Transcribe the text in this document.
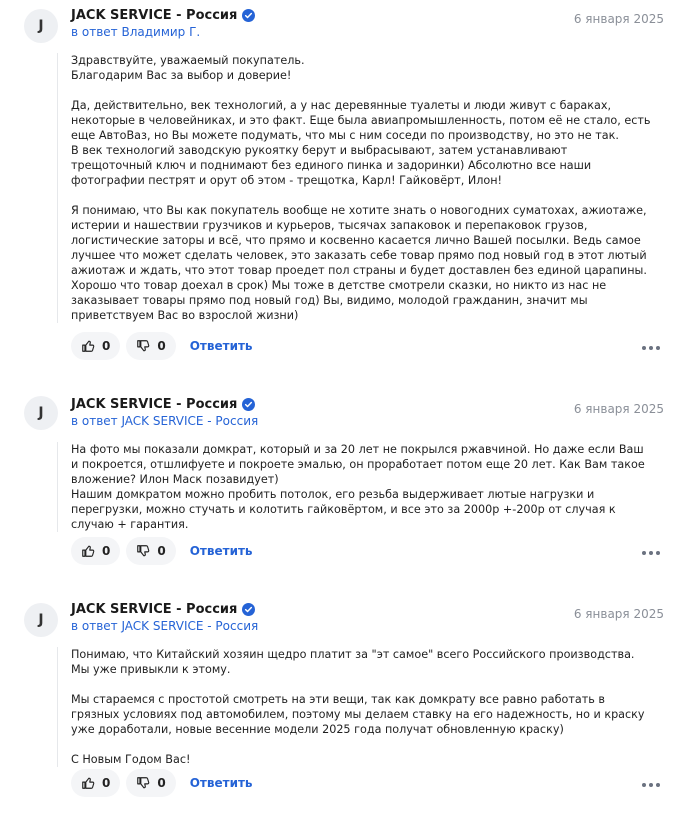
J
JACK SERVICE - Россия
в ответ Владимир Г.
6 января 2025

Здравствуйте, уважаемый покупатель.
Благодарим Вас за выбор и доверие!

Да, действительно, век технологий, а у нас деревянные туалеты и люди живут с бараках, некоторые в человейниках, и это факт. Еще была авиапромышленность, потом её не стало, есть еще АвтоВаз, но Вы можете подумать, что мы с ним соседи по производству, но это не так.
В век технологий заводскую рукоятку берут и выбрасывают, затем устанавливают трещоточный ключ и поднимают без единого пинка и задоринки) Абсолютно все наши фотографии пестрят и орут об этом - трещотка, Карл! Гайковёрт, Илон!

Я понимаю, что Вы как покупатель вообще не хотите знать о новогодних суматохах, ажиотаже, истерии и нашествии грузчиков и курьеров, тысячах запаковок и перепаковок грузов, логистические заторы и всё, что прямо и косвенно касается лично Вашей посылки. Ведь самое лучшее что может сделать человек, это заказать себе товар прямо под новый год в этот лютый ажиотаж и ждать, что этот товар проедет пол страны и будет доставлен без единой царапины. Хорошо что товар доехал в срок) Мы тоже в детстве смотрели сказки, но никто из нас не заказывает товары прямо под новый год) Вы, видимо, молодой гражданин, значит мы приветствуем Вас во взрослой жизни)

0	0 Ответить
J
JACK SERVICE - Россия
в ответ JACK SERVICE - Россия
6 января 2025

На фото мы показали домкрат, который и за 20 лет не покрылся ржавчиной. Но даже если Ваш и покроется, отшлифуете и покроете эмалью, он проработает потом еще 20 лет. Как Вам такое вложение? Илон Маск позавидует)
Нашим домкратом можно пробить потолок, его резьба выдерживает лютые нагрузки и перегрузки, можно стучать и колотить гайковёртом, и все это за 2000р +-200р от случая к случаю + гарантия.

0	0 Ответить
J
JACK SERVICE - Россия
в ответ JACK SERVICE - Россия
6 января 2025

Понимаю, что Китайский хозяин щедро платит за "эт самое" всего Российского производства. Мы уже привыкли к этому.

Мы стараемся с простотой смотреть на эти вещи, так как домкрату все равно работать в грязных условиях под автомобилем, поэтому мы делаем ставку на его надежность, но и краску уже доработали, новые весенние модели 2025 года получат обновленную краску)

С Новым Годом Вас!

0	0 Ответить
